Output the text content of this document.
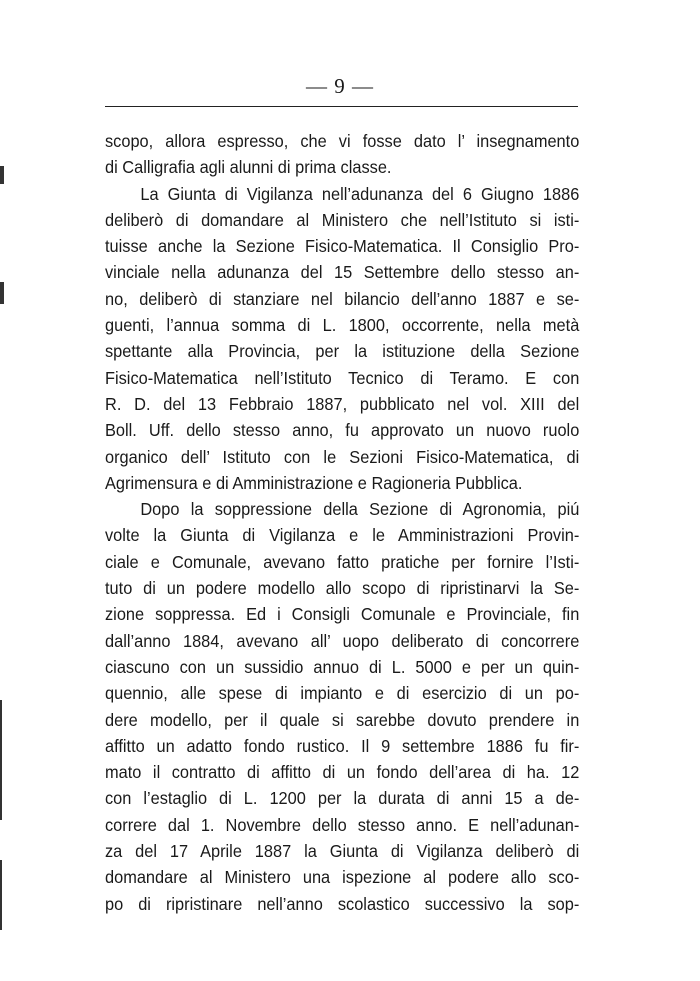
— 9 —
scopo, allora espresso, che vi fosse dato l’ insegnamento
di Calligrafia agli alunni di prima classe.
La Giunta di Vigilanza nell’adunanza del 6 Giugno 1886
deliberò di domandare al Ministero che nell’Istituto si isti-
tuisse anche la Sezione Fisico-Matematica. Il Consiglio Pro-
vinciale nella adunanza del 15 Settembre dello stesso an-
no, deliberò di stanziare nel bilancio dell’anno 1887 e se-
guenti, l’annua somma di L. 1800, occorrente, nella metà
spettante alla Provincia, per la istituzione della Sezione
Fisico-Matematica nell’Istituto Tecnico di Teramo. E con
R. D. del 13 Febbraio 1887, pubblicato nel vol. XIII del
Boll. Uff. dello stesso anno, fu approvato un nuovo ruolo
organico dell’ Istituto con le Sezioni Fisico-Matematica, di
Agrimensura e di Amministrazione e Ragioneria Pubblica.
Dopo la soppressione della Sezione di Agronomia, piú
volte la Giunta di Vigilanza e le Amministrazioni Provin-
ciale e Comunale, avevano fatto pratiche per fornire l’Isti-
tuto di un podere modello allo scopo di ripristinarvi la Se-
zione soppressa. Ed i Consigli Comunale e Provinciale, fin
dall’anno 1884, avevano all’ uopo deliberato di concorrere
ciascuno con un sussidio annuo di L. 5000 e per un quin-
quennio, alle spese di impianto e di esercizio di un po-
dere modello, per il quale si sarebbe dovuto prendere in
affitto un adatto fondo rustico. Il 9 settembre 1886 fu fir-
mato il contratto di affitto di un fondo dell’area di ha. 12
con l’estaglio di L. 1200 per la durata di anni 15 a de-
correre dal 1. Novembre dello stesso anno. E nell’adunan-
za del 17 Aprile 1887 la Giunta di Vigilanza deliberò di
domandare al Ministero una ispezione al podere allo sco-
po di ripristinare nell’anno scolastico successivo la sop-
